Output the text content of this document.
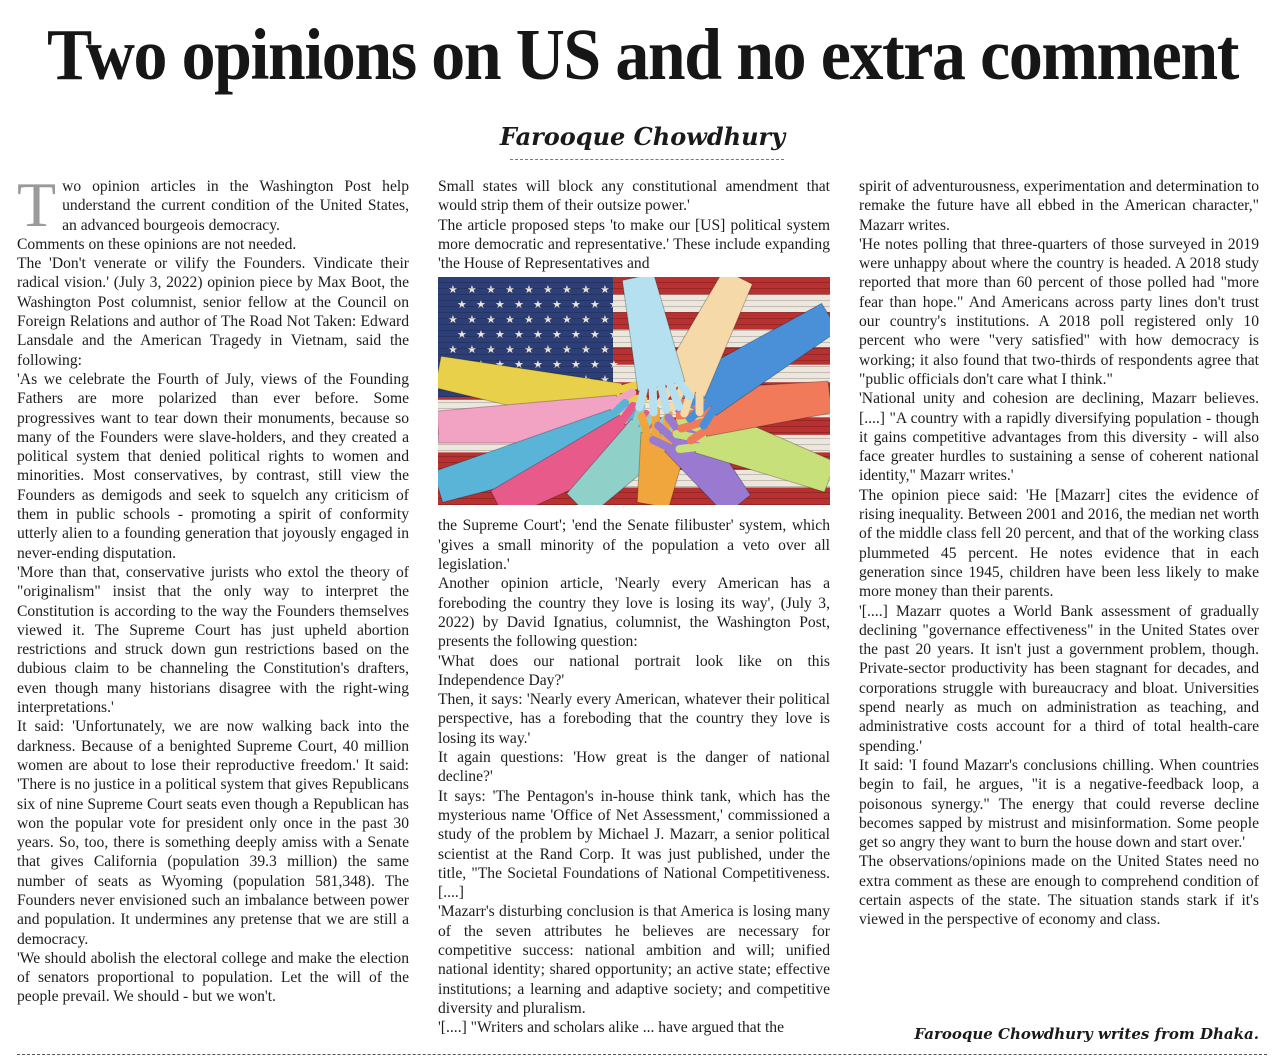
Two opinions on US and no extra comment
Farooque Chowdhury
T wo opinion articles in the Washington Post help understand the current condition of the United States, an advanced bourgeois democracy.

Comments on these opinions are not needed.

The 'Don't venerate or vilify the Founders. Vindicate their radical vision.' (July 3, 2022) opinion piece by Max Boot, the Washington Post columnist, senior fellow at the Council on Foreign Relations and author of The Road Not Taken: Edward Lansdale and the American Tragedy in Vietnam, said the following:

'As we celebrate the Fourth of July, views of the Founding Fathers are more polarized than ever before. Some progressives want to tear down their monuments, because so many of the Founders were slave-holders, and they created a political system that denied political rights to women and minorities. Most conservatives, by contrast, still view the Founders as demigods and seek to squelch any criticism of them in public schools - promoting a spirit of conformity utterly alien to a founding generation that joyously engaged in never-ending disputation.

'More than that, conservative jurists who extol the theory of "originalism" insist that the only way to interpret the Constitution is according to the way the Founders themselves viewed it. The Supreme Court has just upheld abortion restrictions and struck down gun restrictions based on the dubious claim to be channeling the Constitution's drafters, even though many historians disagree with the right-wing interpretations.'

It said: 'Unfortunately, we are now walking back into the darkness. Because of a benighted Supreme Court, 40 million women are about to lose their reproductive freedom.' It said: 'There is no justice in a political system that gives Republicans six of nine Supreme Court seats even though a Republican has won the popular vote for president only once in the past 30 years. So, too, there is something deeply amiss with a Senate that gives California (population 39.3 million) the same number of seats as Wyoming (population 581,348). The Founders never envisioned such an imbalance between power and population. It undermines any pretense that we are still a democracy.

'We should abolish the electoral college and make the election of senators proportional to population. Let the will of the people prevail. We should - but we won't.

Small states will block any constitutional amendment that would strip them of their outsize power.'

The article proposed steps 'to make our [US] political system more democratic and representative.' These include expanding 'the House of Representatives and

the Supreme Court'; 'end the Senate filibuster' system, which 'gives a small minority of the population a veto over all legislation.'

Another opinion article, 'Nearly every American has a foreboding the country they love is losing its way', (July 3, 2022) by David Ignatius, columnist, the Washington Post, presents the following question:

'What does our national portrait look like on this Independence Day?'

Then, it says: 'Nearly every American, whatever their political perspective, has a foreboding that the country they love is losing its way.'

It again questions: 'How great is the danger of national decline?'

It says: 'The Pentagon's in-house think tank, which has the mysterious name 'Office of Net Assessment,' commissioned a study of the problem by Michael J. Mazarr, a senior political scientist at the Rand Corp. It was just published, under the title, "The Societal Foundations of National Competitiveness. [....]

'Mazarr's disturbing conclusion is that America is losing many of the seven attributes he believes are necessary for competitive success: national ambition and will; unified national identity; shared opportunity; an active state; effective institutions; a learning and adaptive society; and competitive diversity and pluralism.

'[....] "Writers and scholars alike ... have argued that the

spirit of adventurousness, experimentation and determination to remake the future have all ebbed in the American character," Mazarr writes.

'He notes polling that three-quarters of those surveyed in 2019 were unhappy about where the country is headed. A 2018 study reported that more than 60 percent of those polled had "more fear than hope." And Americans across party lines don't trust our country's institutions. A 2018 poll registered only 10 percent who were "very satisfied" with how democracy is working; it also found that two-thirds of respondents agree that "public officials don't care what I think."

'National unity and cohesion are declining, Mazarr believes. [....] "A country with a rapidly diversifying population - though it gains competitive advantages from this diversity - will also face greater hurdles to sustaining a sense of coherent national identity," Mazarr writes.'

The opinion piece said: 'He [Mazarr] cites the evidence of rising inequality. Between 2001 and 2016, the median net worth of the middle class fell 20 percent, and that of the working class plummeted 45 percent. He notes evidence that in each generation since 1945, children have been less likely to make more money than their parents.

'[....] Mazarr quotes a World Bank assessment of gradually declining "governance effectiveness" in the United States over the past 20 years. It isn't just a government problem, though. Private-sector productivity has been stagnant for decades, and corporations struggle with bureaucracy and bloat. Universities spend nearly as much on administration as teaching, and administrative costs account for a third of total health-care spending.'

It said: 'I found Mazarr's conclusions chilling. When countries begin to fail, he argues, "it is a negative-feedback loop, a poisonous synergy." The energy that could reverse decline becomes sapped by mistrust and misinformation. Some people get so angry they want to burn the house down and start over.'

The observations/opinions made on the United States need no extra comment as these are enough to comprehend condition of certain aspects of the state. The situation stands stark if it's viewed in the perspective of economy and class.

Farooque Chowdhury writes from Dhaka.
